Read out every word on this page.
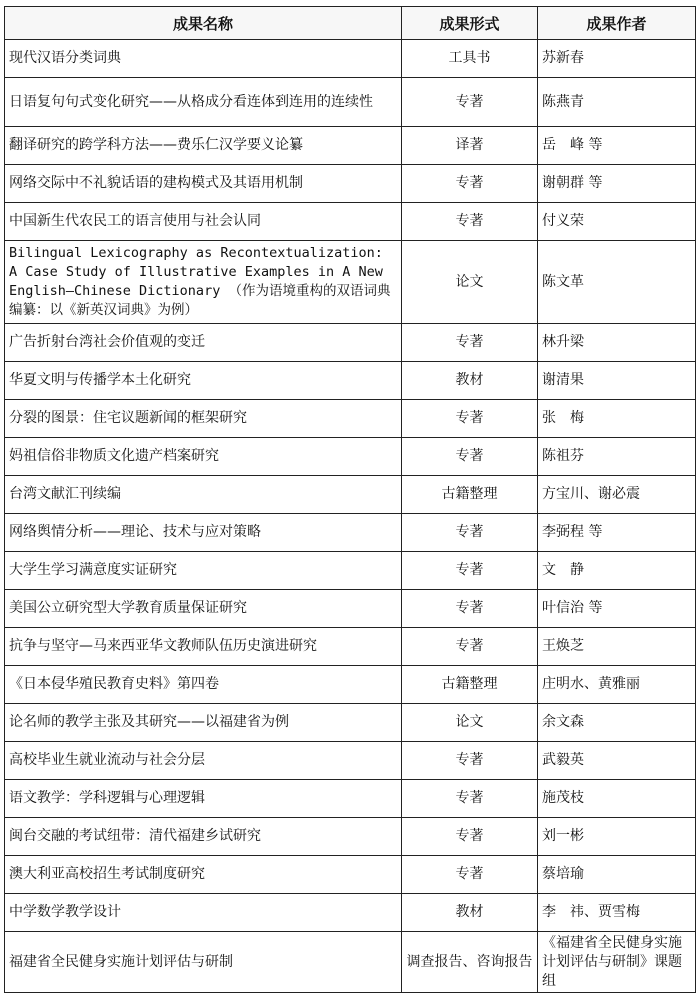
成果名称	成果形式	成果作者
现代汉语分类词典	工具书	苏新春
日语复句句式变化研究——从格成分看连体到连用的连续性	专著	陈燕青
翻译研究的跨学科方法——费乐仁汉学要义论纂	译著	岳　峰 等
网络交际中不礼貌话语的建构模式及其语用机制	专著	谢朝群 等
中国新生代农民工的语言使用与社会认同	专著	付义荣
Bilingual Lexicography as Recontextualization: A Case Study of Illustrative Examples in A New English–Chinese Dictionary （作为语境重构的双语词典编纂：以《新英汉词典》为例）	论文	陈文革
广告折射台湾社会价值观的变迁	专著	林升梁
华夏文明与传播学本土化研究	教材	谢清果
分裂的图景：住宅议题新闻的框架研究	专著	张　梅
妈祖信俗非物质文化遗产档案研究	专著	陈祖芬
台湾文献汇刊续编	古籍整理	方宝川、谢必震
网络舆情分析——理论、技术与应对策略	专著	李弼程 等
大学生学习满意度实证研究	专著	文　静
美国公立研究型大学教育质量保证研究	专著	叶信治 等
抗争与坚守—马来西亚华文教师队伍历史演进研究	专著	王焕芝
《日本侵华殖民教育史料》第四卷	古籍整理	庄明水、黄雅丽
论名师的教学主张及其研究——以福建省为例	论文	余文森
高校毕业生就业流动与社会分层	专著	武毅英
语文教学：学科逻辑与心理逻辑	专著	施茂枝
闽台交融的考试纽带：清代福建乡试研究	专著	刘一彬
澳大利亚高校招生考试制度研究	专著	蔡培瑜
中学数学教学设计	教材	李　祎、贾雪梅
福建省全民健身实施计划评估与研制	调查报告、咨询报告	《福建省全民健身实施计划评估与研制》课题组
